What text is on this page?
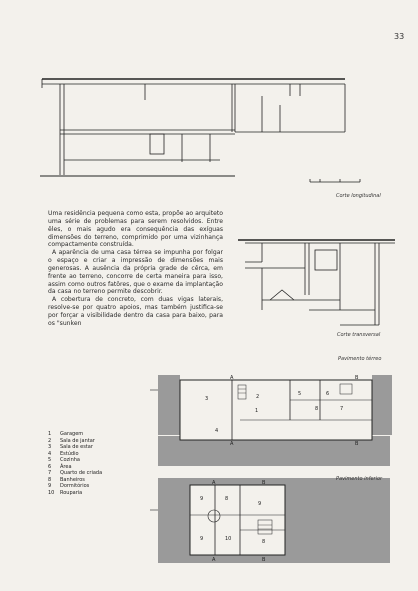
33
1
3	2	5	6
7
8
4
A
A
B
B
9	8
9	10	8
9
A
A
B
B
Corte longitudinal
Corte transversal
Pavimento térreo
Pavimento inferior

Uma residência pequena como esta, propõe ao arquiteto uma série de problemas para serem resolvidos. Entre êles, o mais agudo era consequência das exíguas dimensões do terreno, comprimido por uma vizinhança compactamente construída.

A aparência de uma casa térrea se impunha por folgar o espaço e criar a impressão de dimensões mais generosas. A ausência da própria grade de cêrca, em frente ao terreno, concorre de certa maneira para isso, assim como outros fatôres, que o exame da implantação da casa no terreno permite descobrir.

A cobertura de concreto, com duas vigas laterais, resolve-se por quatro apoios, mas também justifica-se por forçar a visibilidade dentro da casa para baixo, para os "sunken

1	Garagem
2	Sala de jantar
3	Sala de estar
4	Estúdio
5	Cozinha
6	Área
7	Quarto de criada
8	Banheiros
9	Dormitórios
10	Rouparia
